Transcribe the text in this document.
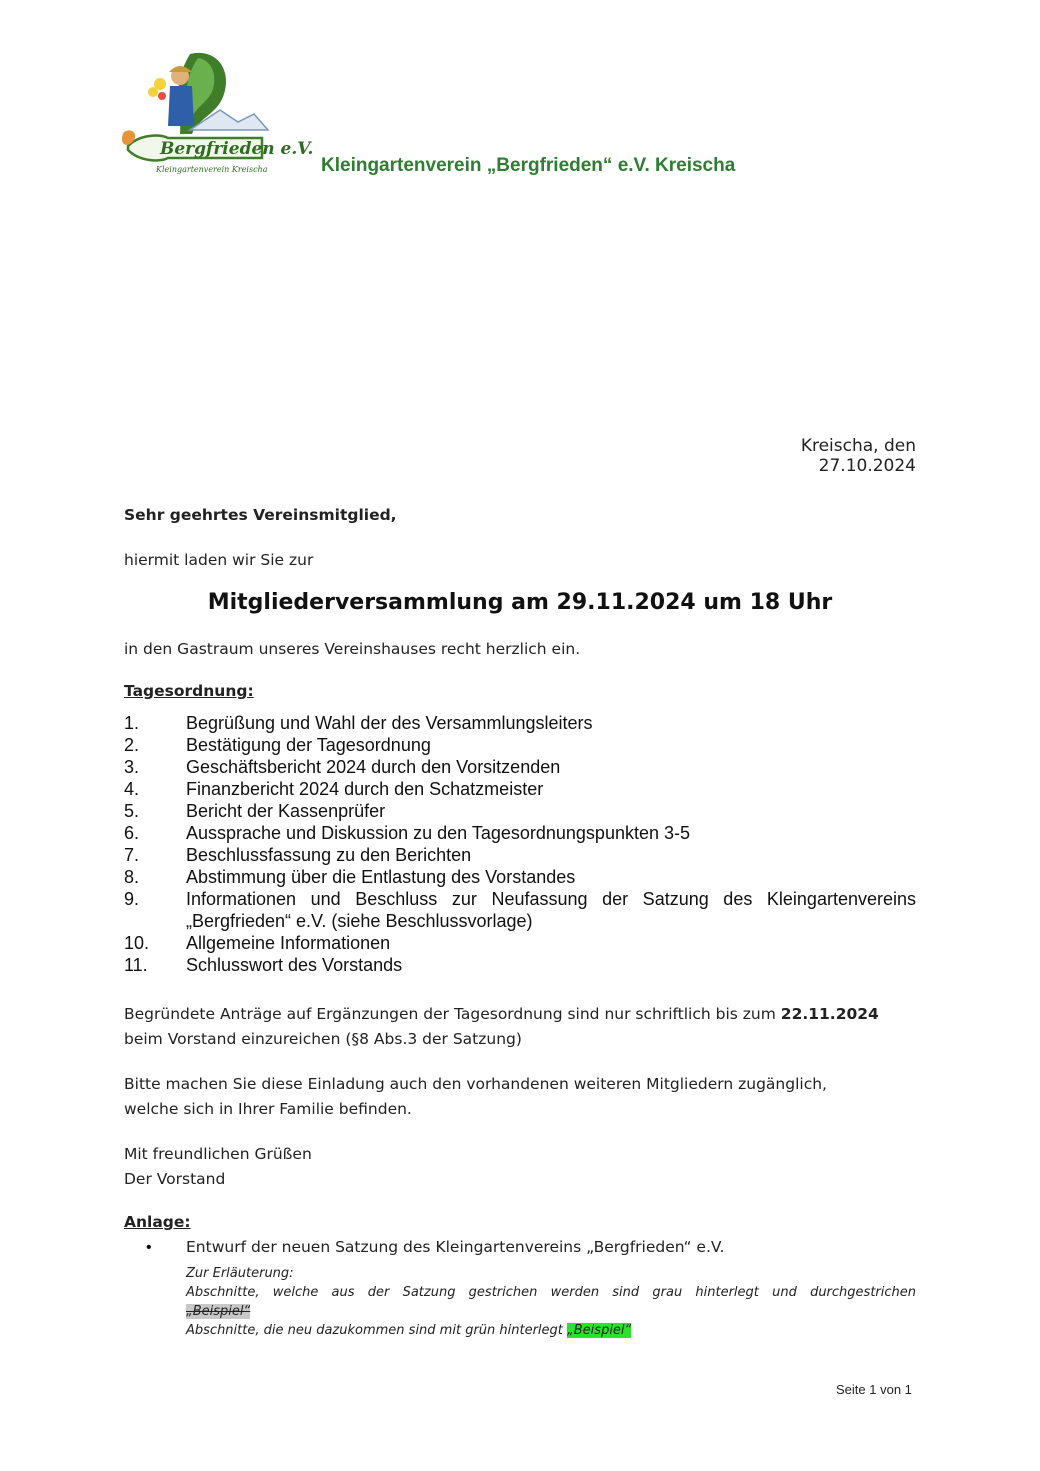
Bergfrieden e.V.
Kleingartenverein Kreischa	Kleingartenverein „Bergfrieden“ e.V. Kreischa
Kreischa, den 27.10.2024
Sehr geehrtes Vereinsmitglied,
hiermit laden wir Sie zur
Mitgliederversammlung am 29.11.2024 um 18 Uhr
in den Gastraum unseres Vereinshauses recht herzlich ein.
Tagesordnung:
1.	Begrüßung und Wahl der des Versammlungsleiters
2.	Bestätigung der Tagesordnung
3.	Geschäftsbericht 2024 durch den Vorsitzenden
4.	Finanzbericht 2024 durch den Schatzmeister
5.	Bericht der Kassenprüfer
6.	Aussprache und Diskussion zu den Tagesordnungspunkten 3-5
7.	Beschlussfassung zu den Berichten
8.	Abstimmung über die Entlastung des Vorstandes
9.	Informationen und Beschluss zur Neufassung der Satzung des Kleingartenvereins „Bergfrieden“ e.V. (siehe Beschlussvorlage)
10.	Allgemeine Informationen
11.	Schlusswort des Vorstands
Begründete Anträge auf Ergänzungen der Tagesordnung sind nur schriftlich bis zum 22.11.2024
beim Vorstand einzureichen (§8 Abs.3 der Satzung)
Bitte machen Sie diese Einladung auch den vorhandenen weiteren Mitgliedern zugänglich,
welche sich in Ihrer Familie befinden.
Mit freundlichen Grüßen
Der Vorstand
Anlage:
• Entwurf der neuen Satzung des Kleingartenvereins „Bergfrieden“ e.V.
Zur Erläuterung:
Abschnitte, welche aus der Satzung gestrichen werden sind grau hinterlegt und durchgestrichen
„Beispiel“
Abschnitte, die neu dazukommen sind mit grün hinterlegt „Beispiel“
Seite 1 von 1
